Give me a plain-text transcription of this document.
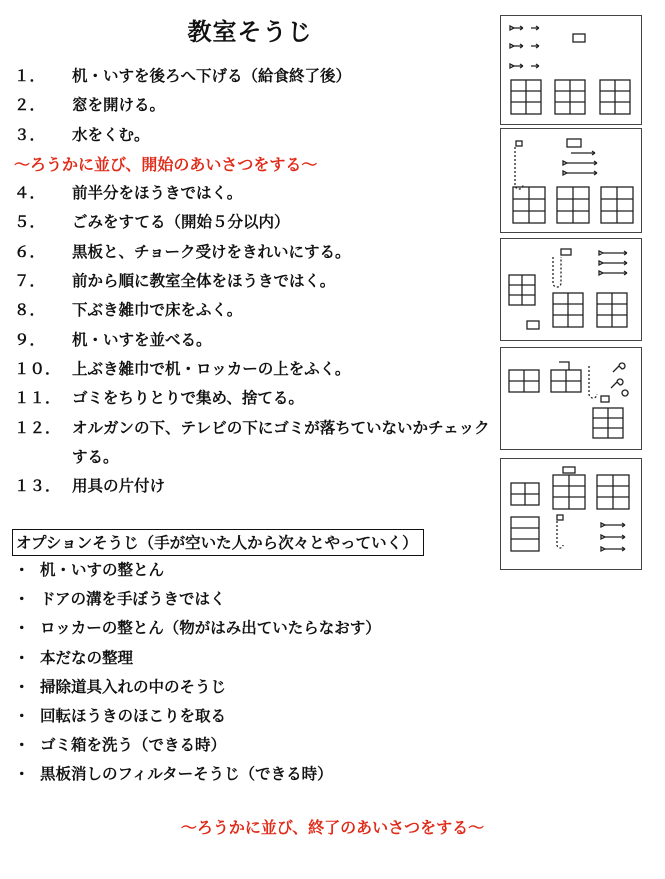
教室そうじ
１．	机・いすを後ろへ下げる（給食終了後）
２．	窓を開ける。
３．	水をくむ。
～ろうかに並び、開始のあいさつをする～
４．	前半分をほうきではく。
５．	ごみをすてる（開始５分以内）
６．	黒板と、チョーク受けをきれいにする。
７．	前から順に教室全体をほうきではく。
８．	下ぶき雑巾で床をふく。
９．	机・いすを並べる。
１０． 上ぶき雑巾で机・ロッカーの上をふく。
１１． ゴミをちりとりで集め、捨てる。
１２． オルガンの下、テレビの下にゴミが落ちていないかチェックする。
１３． 用具の片付け
オプションそうじ（手が空いた人から次々とやっていく）
・ 机・いすの整とん
・ ドアの溝を手ぼうきではく
・ ロッカーの整とん（物がはみ出ていたらなおす）
・ 本だなの整理
・ 掃除道具入れの中のそうじ
・ 回転ほうきのほこりを取る
・ ゴミ箱を洗う（できる時）
・ 黒板消しのフィルターそうじ（できる時）
～ろうかに並び、終了のあいさつをする～
